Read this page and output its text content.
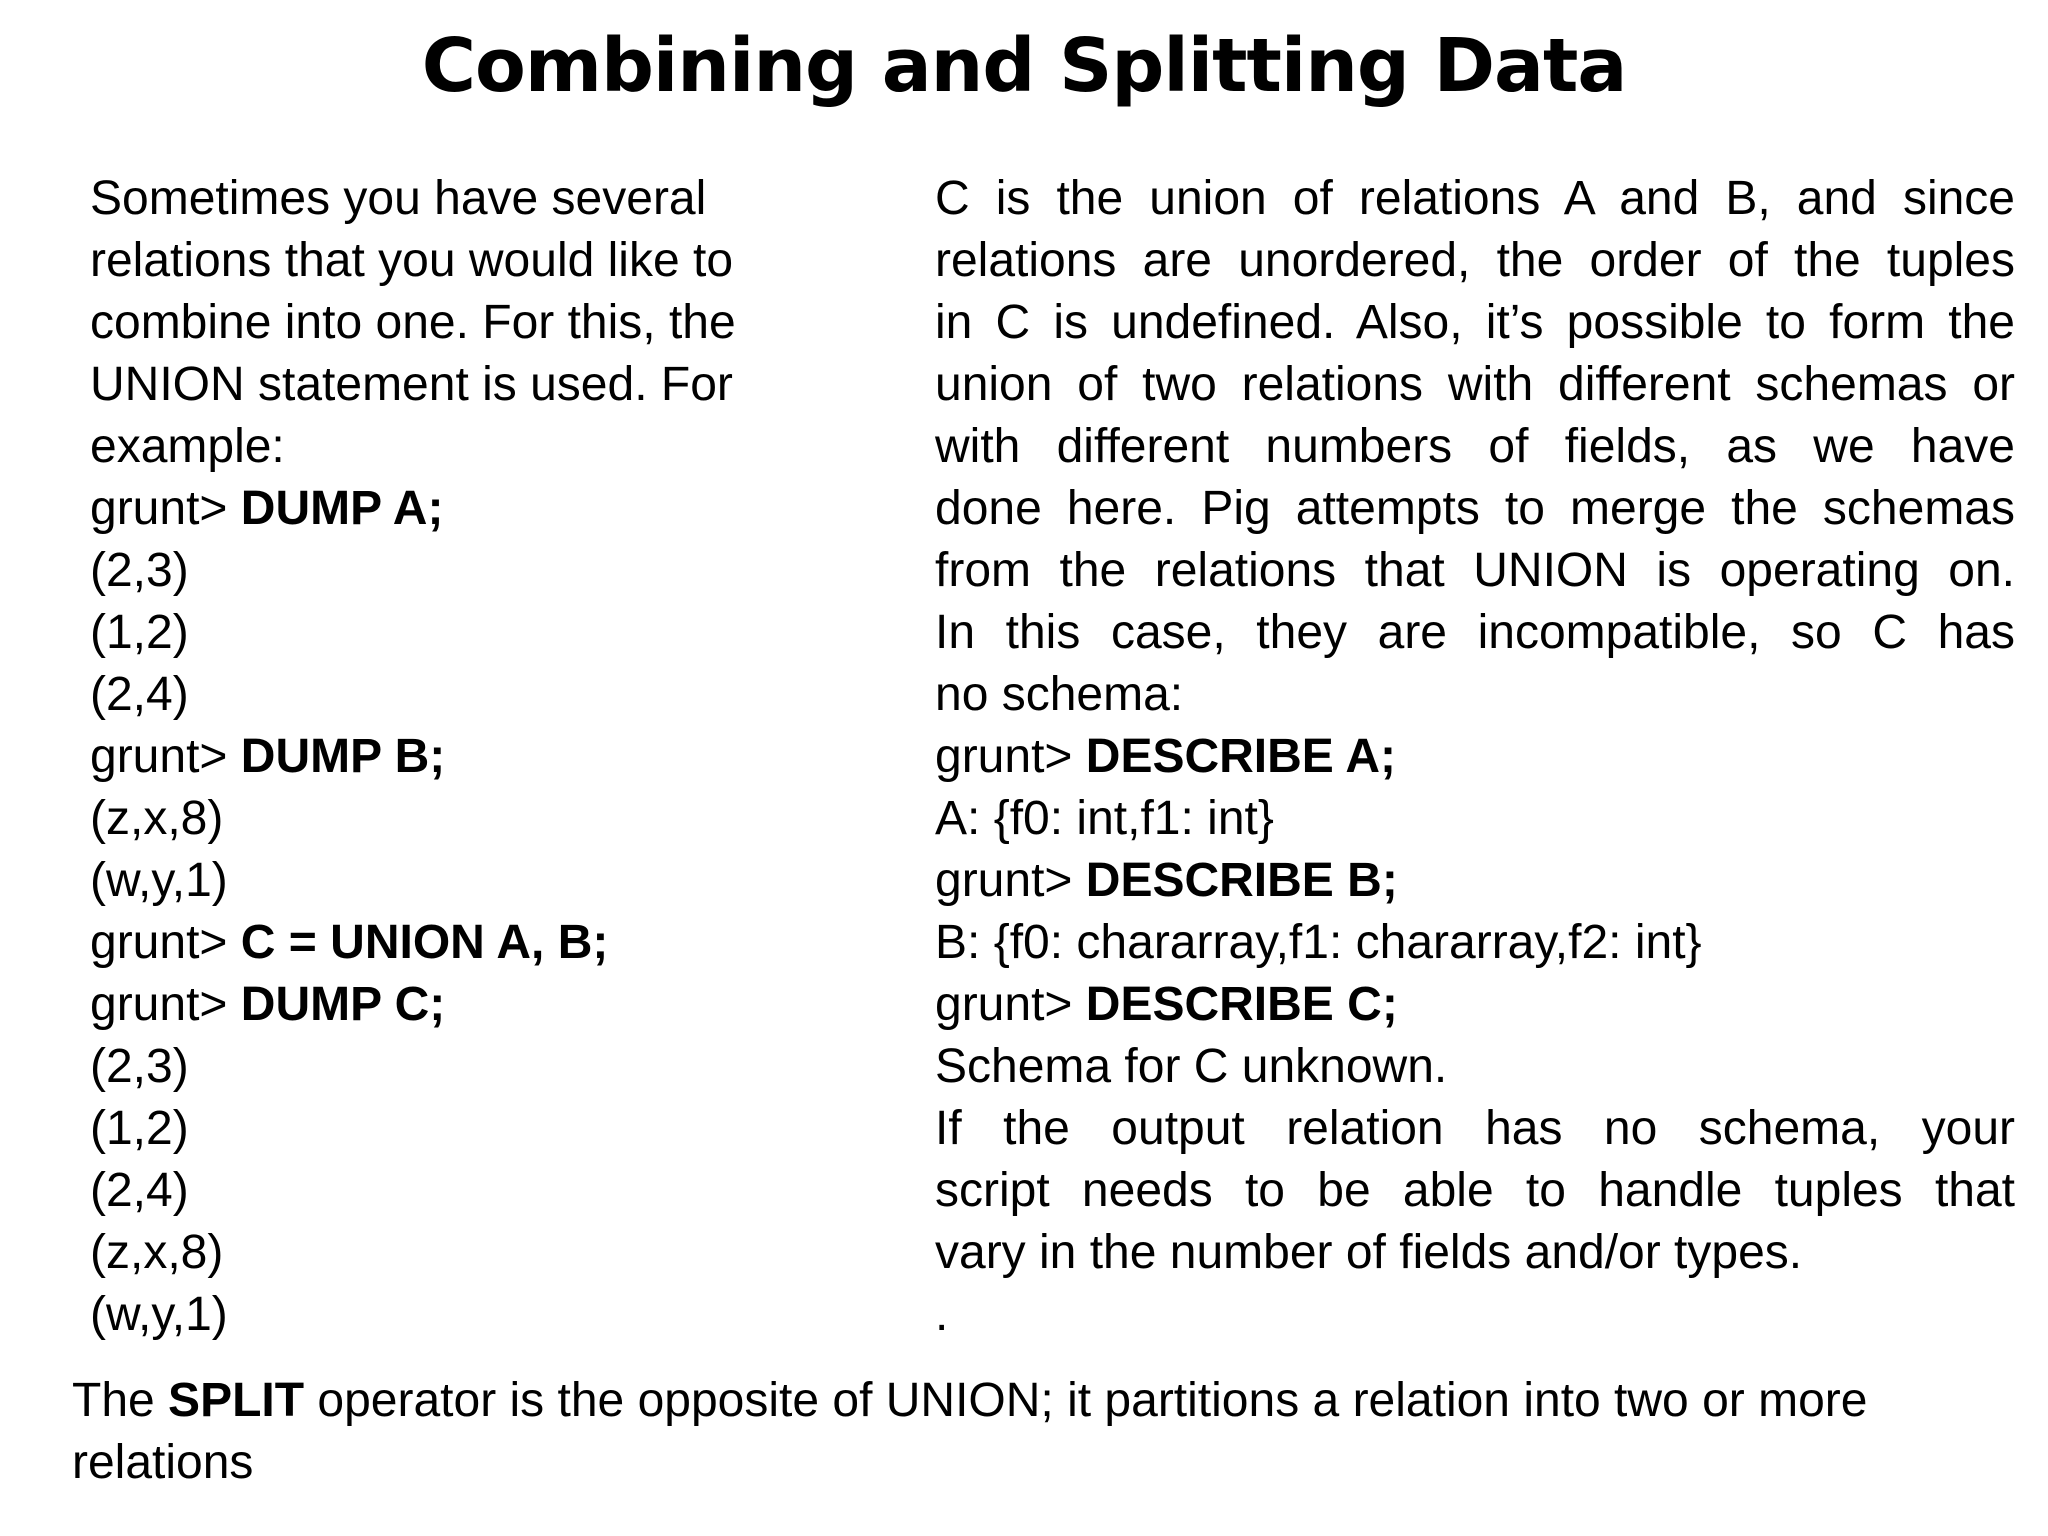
Combining and Splitting Data
Sometimes you have several
relations that you would like to
combine into one. For this, the
UNION statement is used. For
example:
grunt> DUMP A;
(2,3)
(1,2)
(2,4)
grunt> DUMP B;
(z,x,8)
(w,y,1)
grunt> C = UNION A, B;
grunt> DUMP C;
(2,3)
(1,2)
(2,4)
(z,x,8)
(w,y,1)
C is the union of relations A and B, and since
relations are unordered, the order of the tuples
in C is undefined. Also, it’s possible to form the
union of two relations with different schemas or
with different numbers of fields, as we have
done here. Pig attempts to merge the schemas
from the relations that UNION is operating on.
In this case, they are incompatible, so C has
no schema:
grunt> DESCRIBE A;
A: {f0: int,f1: int}
grunt> DESCRIBE B;
B: {f0: chararray,f1: chararray,f2: int}
grunt> DESCRIBE C;
Schema for C unknown.
If the output relation has no schema, your
script needs to be able to handle tuples that
vary in the number of fields and/or types.
.
The SPLIT operator is the opposite of UNION; it partitions a relation into two or more relations
